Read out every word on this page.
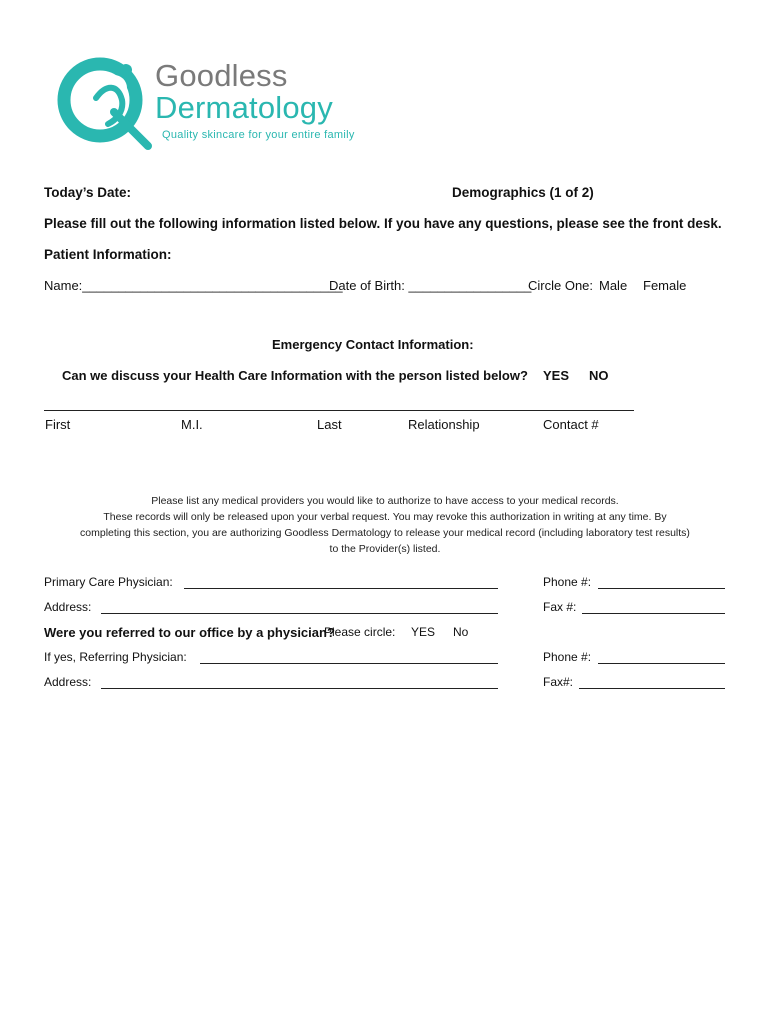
Goodless
Dermatology
Quality skincare for your entire family
Today’s Date:	Demographics (1 of 2)
Please fill out the following information listed below. If you have any questions, please see the front desk.
Patient Information:
Name:____________________________________
Date of Birth: _________________
Circle One: Male Female
Emergency Contact Information:
Can we discuss your Health Care Information with the person listed below? YES NO
First	M.I.	Last	Relationship	Contact #
Please list any medical providers you would like to authorize to have access to your medical records.
These records will only be released upon your verbal request. You may revoke this authorization in writing at any time. By
completing this section, you are authorizing Goodless Dermatology to release your medical record (including laboratory test results)
to the Provider(s) listed.
Primary Care Physician:	Phone #:
Address:	Fax #:
Were you referred to our office by a physician?
Please circle: YES No
If yes, Referring Physician:	Phone #:
Address:	Fax#:
